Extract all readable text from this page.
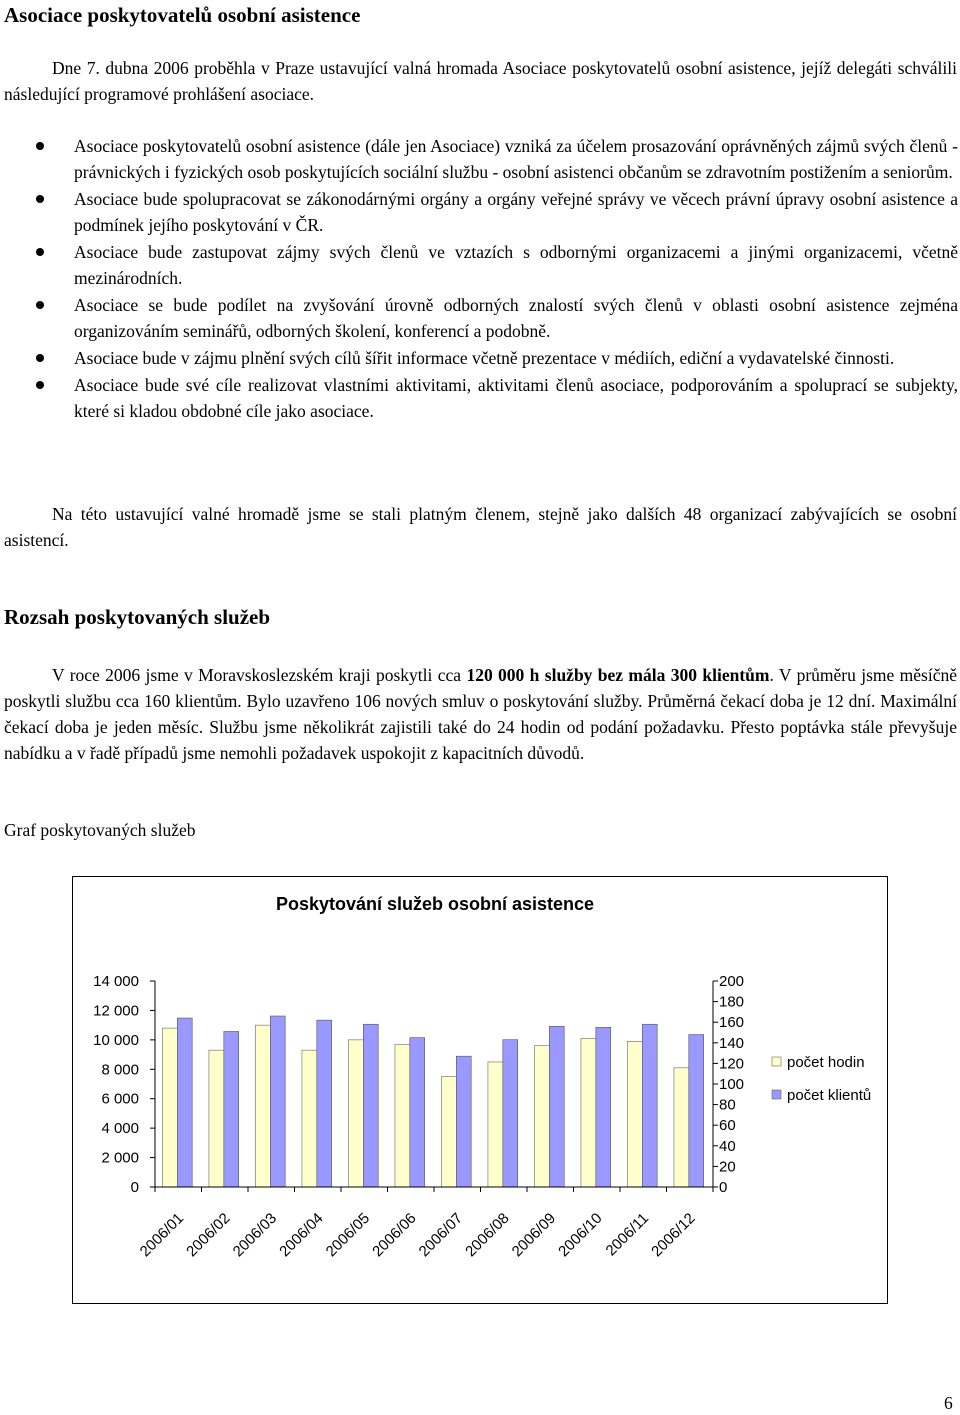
Asociace poskytovatelů osobní asistence

Dne 7. dubna 2006 proběhla v Praze ustavující valná hromada Asociace poskytovatelů osobní asistence, jejíž delegáti schválili následující programové prohlášení asociace.

Asociace poskytovatelů osobní asistence (dále jen Asociace) vzniká za účelem prosazování oprávněných zájmů svých členů - právnických i fyzických osob poskytujících sociální službu - osobní asistenci občanům se zdravotním postižením a seniorům.
Asociace bude spolupracovat se zákonodárnými orgány a orgány veřejné správy ve věcech právní úpravy osobní asistence a podmínek jejího poskytování v ČR.
Asociace bude zastupovat zájmy svých členů ve vztazích s odbornými organizacemi a jinými organizacemi, včetně mezinárodních.
Asociace se bude podílet na zvyšování úrovně odborných znalostí svých členů v oblasti osobní asistence zejména organizováním seminářů, odborných školení, konferencí a podobně.
Asociace bude v zájmu plnění svých cílů šířit informace včetně prezentace v médiích, ediční a vydavatelské činnosti.
Asociace bude své cíle realizovat vlastními aktivitami, aktivitami členů asociace, podporováním a spoluprací se subjekty, které si kladou obdobné cíle jako asociace.

Na této ustavující valné hromadě jsme se stali platným členem, stejně jako dalších 48 organizací zabývajících se osobní asistencí.

Rozsah poskytovaných služeb

V roce 2006 jsme v Moravskoslezském kraji poskytli cca 120 000 h služby bez mála 300 klientům. V průměru jsme měsíčně poskytli službu cca 160 klientům. Bylo uzavřeno 106 nových smluv o poskytování služby. Průměrná čekací doba je 12 dní. Maximální čekací doba je jeden měsíc. Službu jsme několikrát zajistili také do 24 hodin od podání požadavku. Přesto poptávka stále převyšuje nabídku a v řadě případů jsme nemohli požadavek uspokojit z kapacitních důvodů.

Graf poskytovaných služeb
Poskytování služeb osobní asistence
0
2 000
4 000
6 000
8 000
10 000
12 000
14 000
0
20
40
60
80
100
120
140
160
180
200
2006/01
2006/02
2006/03
2006/04
2006/05
2006/06
2006/07
2006/08
2006/09
2006/10
2006/11
2006/12
počet hodin
počet klientů
6
